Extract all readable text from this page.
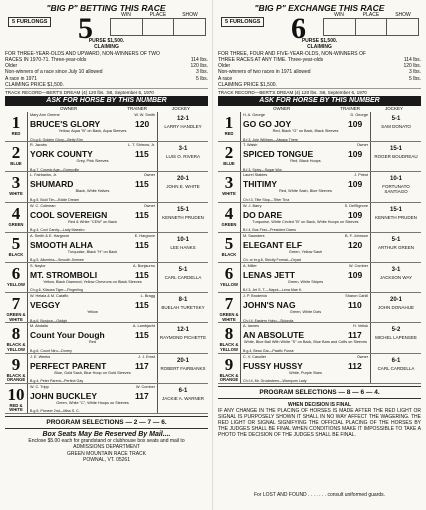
"BIG P" BETTING THIS RACE
WIN	PLACE	SHOW
5 FURLONGS 5
PURSE $1,500.
CLAIMING
FOR THREE-YEAR-OLDS AND UPWARD, NON-WINNERS OF TWO
RACES IN 1970-71. Three-year-olds	114 lbs.
Older	120 lbs.
Non-winners of a race since July 10 allowed	3 lbs.
A race in 1971	5 lbs.
CLAIMING PRICE $1,500.
TRACK RECORD—BERT'S DREAM (4) 120 lbs. :58, September 6, 1970
ASK FOR HORSE BY THIS NUMBER
OWNER	TRAINER	JOCKEY
1
RED
Mary Ann Greene	W. W. Smith
BRUCE'S GLORY	120
Yellow, Aqua "B" on Back, Aqua Sleeves
Ch.g.6, Golden Glory—Betty Elm
12-1
LARRY HANDLEY
2
BLUE
R. Jacobs	L. T. Shirrow, Jr.
YORK COUNTY	115
Grey, Pink Sleeves
B.g.7, Cosmic Age—Goreyville
3-1
LUIS O. RIVERA
3
WHITE
L. Fairbanks, Jr.	Owner
SHUMARD	115
Black, White Halves
B.g.5, Bold Tim—Eddie Dream
20-1
JOHN E. WHITE
4
GREEN
W. C. Coleman	Owner
COOL SOVEREIGN	115
Red & White "CEW" on Back
B.g.4, Cool Candy—Lady Maestro
15-1
KENNETH PRUDEN
5
BLACK
A. Smith & E. Hargrove	E. Hargrove
SMOOTH ALHA	115
Turquoise, Black "H" on Back
B.g.5, Allumbra—Smooth Jimmee
10-1
LEE HANKS
6
YELLOW
S. Naylor	A. Bonjaurno
MT. STROMBOLI	115
Yellow, Black Diamond; Yellow Chevrons on Black Sleeves
Ch.g.6, Kilauea Tiger—Fingerling
5-1
CARL CARDELLA
7
GREEN & WHITE
W. Helala & M. Cataffo	L. Bragg
VEGGY	115
Yellow
B.g.6, Bonjour—Oddgh
8-1
BUELAH TURETSKY
8
BLACK & YELLOW
M. Abdalla	A. Lambjacht
Count Your Dough	115
Red
B.g.6, Count Niro—Dorrey
12-1
RAYMOND PICHETTE
9
BLACK & ORANGE
J. E. Weeks	J. J. Ernst
PERFECT PARENT	117
Blue, Gold Sash, Blue Hoop on Gold Sleeves
B.g.4, Peter Parent—Perfect Gay
20-1
ROBERT FAIRBANKS
10
RED & WHITE
W. C. Tripp	W. Comber
JOHN BUCKLEY	117
Green, White "C", White Hoops on Sleeves
B.g.5, Pioneer 2nd—Miss S. C.
6-1
JACKIE A. WARNER
PROGRAM SELECTIONS — 2 — 7 — 6.
Box Seats May Be Reserved By Mail....
Enclose $5.00 each for grandstand or clubhouse box seats and mail to
ADMISSIONS DEPARTMENT
GREEN MOUNTAIN RACE TRACK
POWNAL, VT. 05261
"BIG P" EXCHANGE THIS RACE
WIN	PLACE	SHOW
5 FURLONGS 6
PURSE $1,500.
CLAIMING
FOR THREE, FOUR AND FIVE-YEAR-OLDS, NON-WINNERS OF
THREE RACES AT ANY TIME. Three-year-olds	114 lbs.
Older	120 lbs.
Non-winners of two races in 1971 allowed	3 lbs.
A race	5 lbs.
CLAIMING PRICE $1,500.
TRACK RECORD—BERT'S DREAM (4) 120 lbs. :58, September 6, 1970
ASK FOR HORSE BY THIS NUMBER
OWNER	TRAINER	JOCKEY
1
RED
H. A. George	D. George
GO GO JOY	109
Red, Black "G" on Back, Black Sleeves
B.f.3, Joie Willham—Always There
5-1
SAM DONATO
2
BLUE
T. Walsh	Owner
SPICED TONGUE	109
Red, Black Hoops
B.f.3, Spicy—Sugar Wor
15-1
ROGER BOUDREAU
3
WHITE
Laurel Stables	J. Priest
THITIMY	109
Red, White Sash, Blue Sleeves
Ch.f.3, Titte Stop—Titter Tina
10-1
FORTUNATO SANTIAGO
4
GREEN
W. J. Barry	S. DelSignore
DO DARE	109
Turquoise, White Circled "B" on Back, White Hoops on Sleeves
B.f.4, Bus First—President Dares
15-1
KENNETH PRUDEN
5
BLACK
M. Saunders	B. F. Johnson
ELEGANT ELF	120
Green, Yellow Sash
Ch. or br.g.6, Strictly Formal—Dryad
5-1
ARTHUR GREEN
6
YELLOW
A. Miller	W. Comber
LENAS JETT	109
Green, White Stripes
B.f.3, Jet S. T.—Napol—Lena Mae K.
3-1
JACKSON WAY
7
GREEN & WHITE
J. P. Broderick	Sharon Cahill
JOHN'S NAG	110
Green, White Dots
Ch.f.4, Eastern Hobo—Sidonda
20-1
JOHN DONAHUE
8
BLACK & YELLOW
A. Iannes	H. Veiluk
AN ABSOLUTE	117
White, Blue Ball With White "S" on Back, Blue Bars and Cuffs on Sleeves
B.g.4, Beau Gar—Pacific Fusse
5-2
MICHEL LAPENSEE
9
BLACK & ORANGE
C. V. Casoller	Owner
FUSSY HUSSY	112
White, Purple Stars
Ch.f.4, Mr. Grocksteen—Wampum Lady
6-1
CARL CARDELLA
PROGRAM SELECTIONS — 8 — 6 — 4.
WHEN DECISION IS FINAL
IF ANY CHANGE IN THE PLACING OF HORSES IS MADE AFTER THE RED LIGHT OR SIGNAL IS PURPOSELY SHOWN IT SHALL IN NO WAY AFFECT THE WAGERING. THE RED LIGHT OR SIGNAL SIGNIFYING THE OFFICIAL PLACING OF THE HORSES BY THE JUDGES SHALL BE FINAL WHEN CONDITIONS MAKE IT IMPOSSIBLE TO TAKE A PHOTO THE DECISION OF THE JUDGES SHALL BE FINAL.
For LOST AND FOUND . . . . . . . consult uniformed guards.
